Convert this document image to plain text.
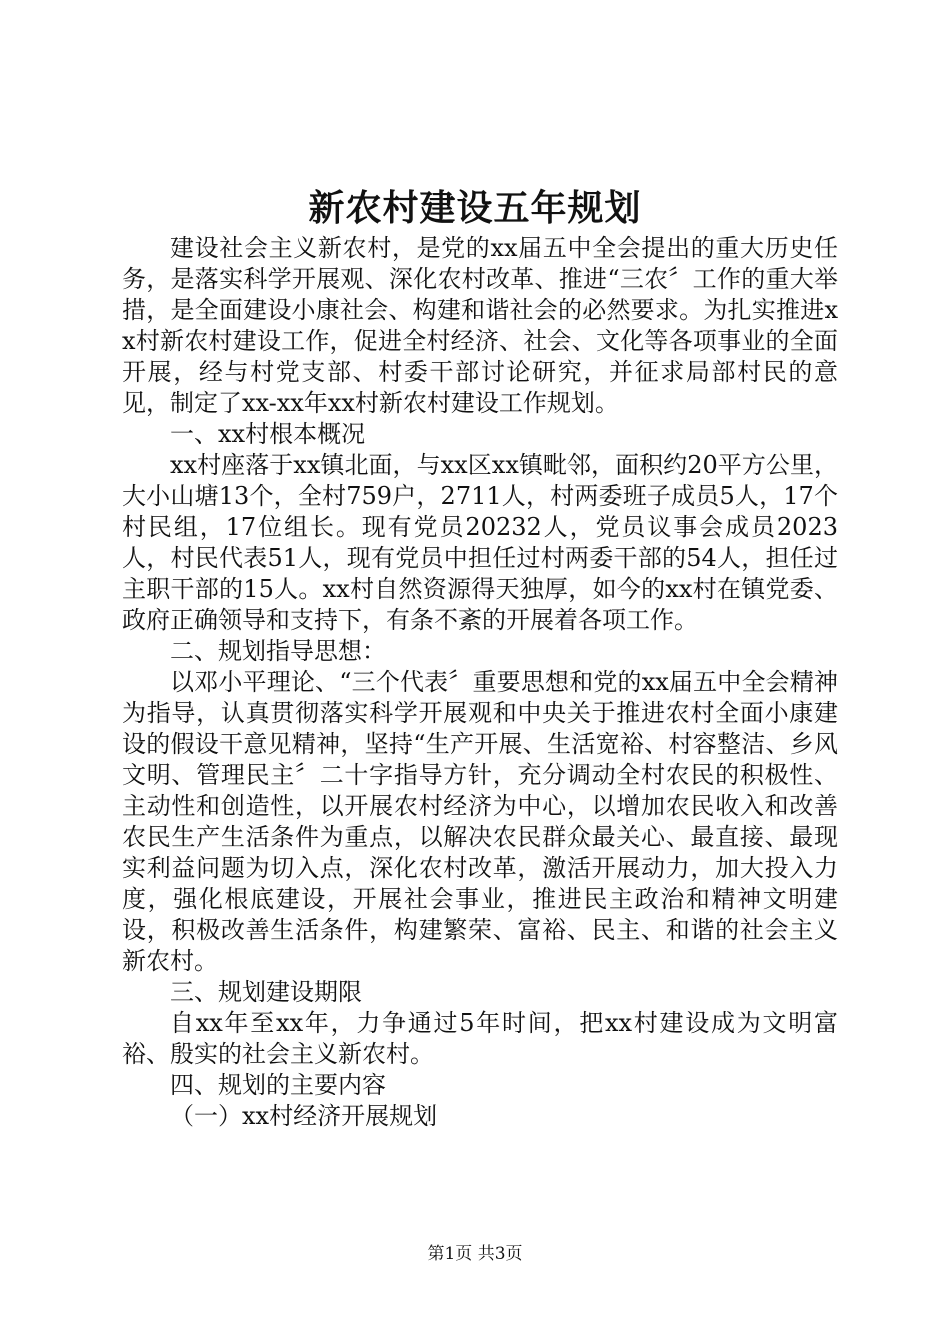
新农村建设五年规划

建设社会主义新农村，是党的xx届五中全会提出的重大历史任务，是落实科学开展观、深化农村改革、推进“三农〞工作的重大举措，是全面建设小康社会、构建和谐社会的必然要求。为扎实推进xx村新农村建设工作，促进全村经济、社会、文化等各项事业的全面开展，经与村党支部、村委干部讨论研究，并征求局部村民的意见，制定了xx-xx年xx村新农村建设工作规划。

一、xx村根本概况

xx村座落于xx镇北面，与xx区xx镇毗邻，面积约20平方公里，大小山塘13个，全村759户，2711人，村两委班子成员5人，17个村民组，17位组长。现有党员20232人，党员议事会成员2023人，村民代表51人，现有党员中担任过村两委干部的54人，担任过主职干部的15人。xx村自然资源得天独厚，如今的xx村在镇党委、政府正确领导和支持下，有条不紊的开展着各项工作。

二、规划指导思想：

以邓小平理论、“三个代表〞重要思想和党的xx届五中全会精神为指导，认真贯彻落实科学开展观和中央关于推进农村全面小康建设的假设干意见精神，坚持“生产开展、生活宽裕、村容整洁、乡风文明、管理民主〞二十字指导方针，充分调动全村农民的积极性、主动性和创造性，以开展农村经济为中心，以增加农民收入和改善农民生产生活条件为重点，以解决农民群众最关心、最直接、最现实利益问题为切入点，深化农村改革，激活开展动力，加大投入力度，强化根底建设，开展社会事业，推进民主政治和精神文明建设，积极改善生活条件，构建繁荣、富裕、民主、和谐的社会主义新农村。

三、规划建设期限

自xx年至xx年，力争通过5年时间，把xx村建设成为文明富裕、殷实的社会主义新农村。

四、规划的主要内容

（一）xx村经济开展规划

第1页 共3页
